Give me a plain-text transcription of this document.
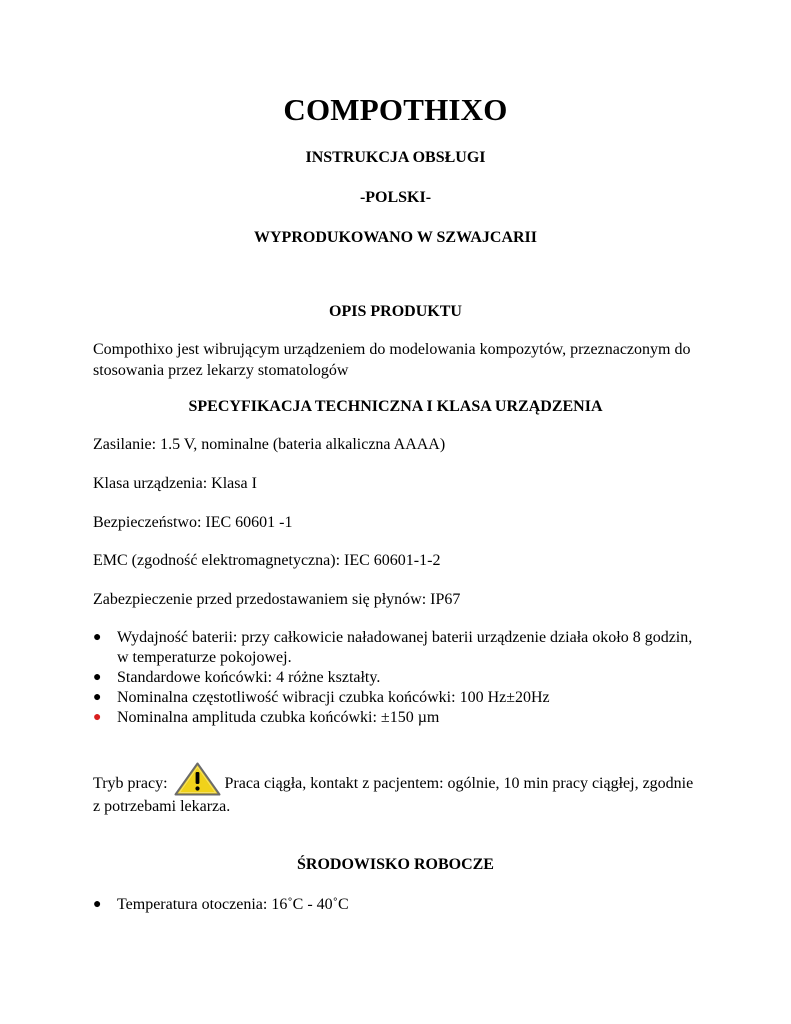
COMPOTHIXO
INSTRUKCJA OBSŁUGI
-POLSKI-
WYPRODUKOWANO W SZWAJCARII
OPIS PRODUKTU
Compothixo jest wibrującym urządzeniem do modelowania kompozytów, przeznaczonym do stosowania przez lekarzy stomatologów
SPECYFIKACJA TECHNICZNA I KLASA URZĄDZENIA
Zasilanie: 1.5 V, nominalne (bateria alkaliczna AAAA)
Klasa urządzenia: Klasa I
Bezpieczeństwo: IEC 60601 -1
EMC (zgodność elektromagnetyczna): IEC 60601-1-2
Zabezpieczenie przed przedostawaniem się płynów: IP67
● Wydajność baterii: przy całkowicie naładowanej baterii urządzenie działa około 8 godzin, w temperaturze pokojowej.
● Standardowe końcówki: 4 różne kształty.
● Nominalna częstotliwość wibracji czubka końcówki: 100 Hz±20Hz
● Nominalna amplituda czubka końcówki: ±150 µm
Tryb pracy:	Praca ciągła, kontakt z pacjentem: ogólnie, 10 min pracy ciągłej, zgodnie z potrzebami lekarza.
ŚRODOWISKO ROBOCZE
● Temperatura otoczenia: 16˚C - 40˚C
